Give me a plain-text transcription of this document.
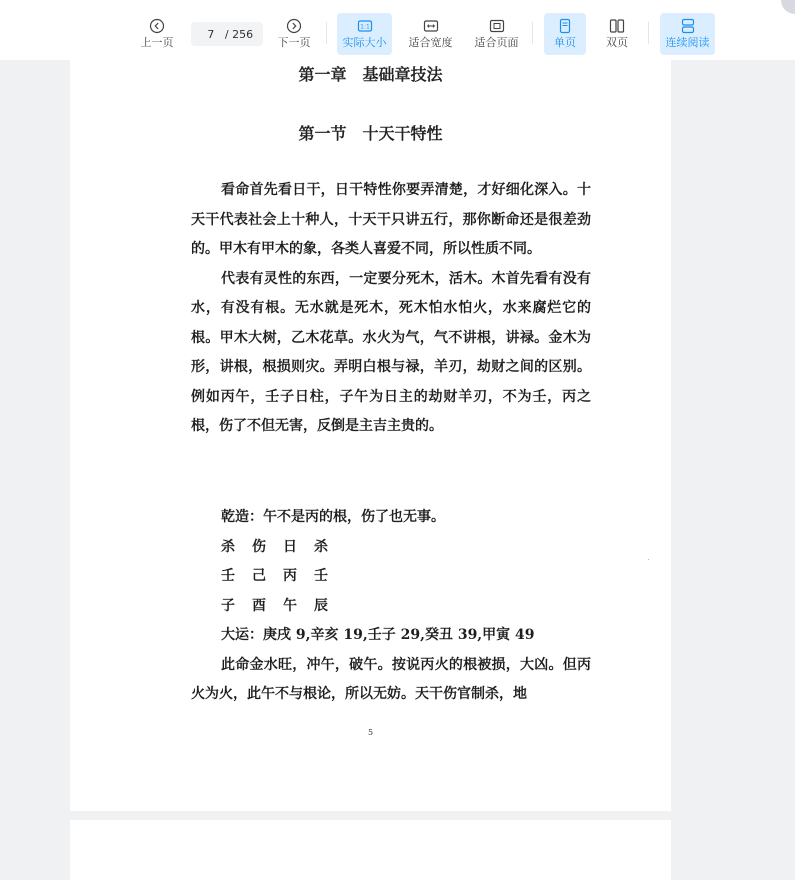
上一页
7 / 256
下一页
1:1
实际大小 适合宽度 适合页面	单页	双页	连续阅读
第一章　基础章技法
第一节　十天干特性

看命首先看日干，日干特性你要弄清楚，才好细化深入。十天干代表社会上十种人，十天干只讲五行，那你断命还是很差劲的。甲木有甲木的象，各类人喜爱不同，所以性质不同。

代表有灵性的东西，一定要分死木，活木。木首先看有没有水，有没有根。无水就是死木，死木怕水怕火，水来腐烂它的根。甲木大树，乙木花草。水火为气，气不讲根，讲禄。金木为形，讲根，根损则灾。弄明白根与禄，羊刃，劫财之间的区别。例如丙午，壬子日柱，子午为日主的劫财羊刃，不为壬，丙之根，伤了不但无害，反倒是主吉主贵的。

乾造：午不是丙的根，伤了也无事。

杀	伤	日	杀

壬	己	丙	壬

子	酉	午	辰

大运：庚戌 9,辛亥 19,壬子 29,癸丑 39,甲寅 49

此命金水旺，冲午，破午。按说丙火的根被损，大凶。但丙火为火，此午不与根论，所以无妨。天干伤官制杀，地

5
